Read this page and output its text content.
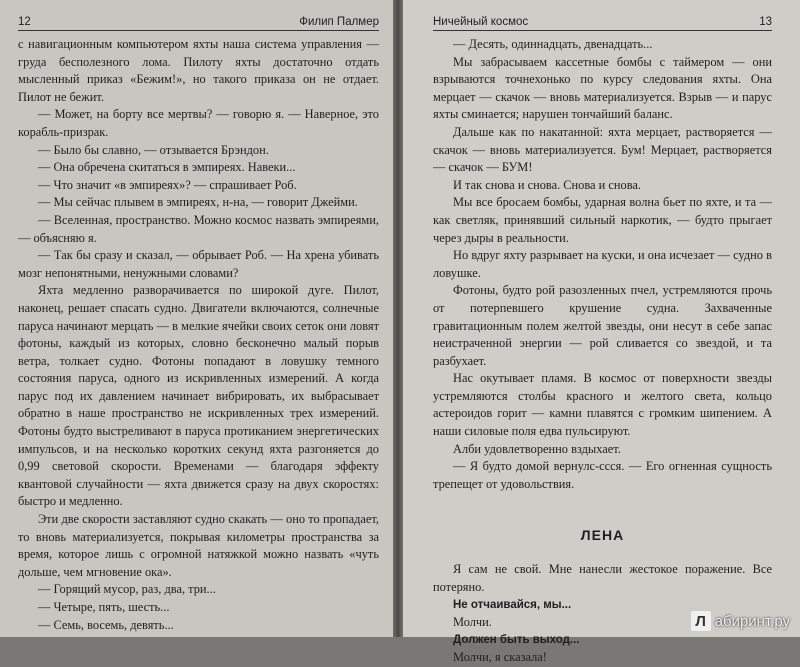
12	Филип Палмер

с навигационным компьютером яхты наша система управления — груда бесполезного лома. Пилоту яхты достаточно отдать мысленный приказ «Бежим!», но такого приказа он не отдает. Пилот не бежит.

— Может, на борту все мертвы? — говорю я. — Наверное, это корабль-призрак.

— Было бы славно, — отзывается Брэндон.

— Она обречена скитаться в эмпиреях. Навеки...

— Что значит «в эмпиреях»? — спрашивает Роб.

— Мы сейчас плывем в эмпиреях, н-на, — говорит Джейми.

— Вселенная, пространство. Можно космос назвать эмпиреями, — объясняю я.

— Так бы сразу и сказал, — обрывает Роб. — На хрена убивать мозг непонятными, ненужными словами?

Яхта медленно разворачивается по широкой дуге. Пилот, наконец, решает спасать судно. Двигатели включаются, солнечные паруса начинают мерцать — в мелкие ячейки своих сеток они ловят фотоны, каждый из которых, словно бесконечно малый порыв ветра, толкает судно. Фотоны попадают в ловушку темного состояния паруса, одного из искривленных измерений. А когда парус под их давлением начинает вибрировать, их выбрасывает обратно в наше пространство не искривленных трех измерений. Фотоны будто выстреливают в паруса протиканием энергетических импульсов, и на несколько коротких секунд яхта разгоняется до 0,99 световой скорости. Временами — благодаря эффекту квантовой случайности — яхта движется сразу на двух скоростях: быстро и медленно.

Эти две скорости заставляют судно скакать — оно то пропадает, то вновь материализуется, покрывая километры пространства за время, которое лишь с огромной натяжкой можно назвать «чуть дольше, чем мгновение ока».

— Горящий мусор, раз, два, три...

— Четыре, пять, шесть...

— Семь, восемь, девять...

Ничейный космос	13

— Десять, одиннадцать, двенадцать...

Мы забрасываем кассетные бомбы с таймером — они взрываются точнехонько по курсу следования яхты. Она мерцает — скачок — вновь материализуется. Взрыв — и парус яхты сминается; нарушен тончайший баланс.

Дальше как по накатанной: яхта мерцает, растворяется — скачок — вновь материализуется. Бум! Мерцает, растворяется — скачок — БУМ!

И так снова и снова. Снова и снова.

Мы все бросаем бомбы, ударная волна бьет по яхте, и та — как светляк, принявший сильный наркотик, — будто прыгает через дыры в реальности.

Но вдруг яхту разрывает на куски, и она исчезает — судно в ловушке.

Фотоны, будто рой разозленных пчел, устремляются прочь от потерпевшего крушение судна. Захваченные гравитационным полем желтой звезды, они несут в себе запас неистраченной энергии — рой сливается со звездой, и та разбухает.

Нас окутывает пламя. В космос от поверхности звезды устремляются столбы красного и желтого света, кольцо астероидов горит — камни плавятся с громким шипением. А наши силовые поля едва пульсируют.

Алби удовлетворенно вздыхает.

— Я будто домой вернулс-ссся. — Его огненная сущность трепещет от удовольствия.

ЛЕНА

Я сам не свой. Мне нанесли жестокое поражение. Все потеряно.

Не отчаивайся, мы...

Молчи.

Должен быть выход...

Молчи, я сказала!

Л абиринт.ру
